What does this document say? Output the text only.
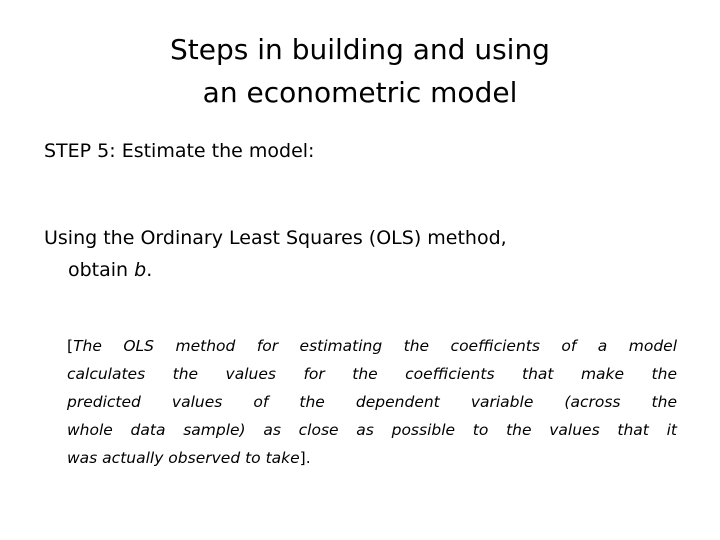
Steps in building and using
an econometric model
STEP 5: Estimate the model:
Using the Ordinary Least Squares (OLS) method,
obtain b.
[The OLS method for estimating the coefficients of a model
calculates the values for the coefficients that make the
predicted values of the dependent variable (across the
whole data sample) as close as possible to the values that it
was actually observed to take].
